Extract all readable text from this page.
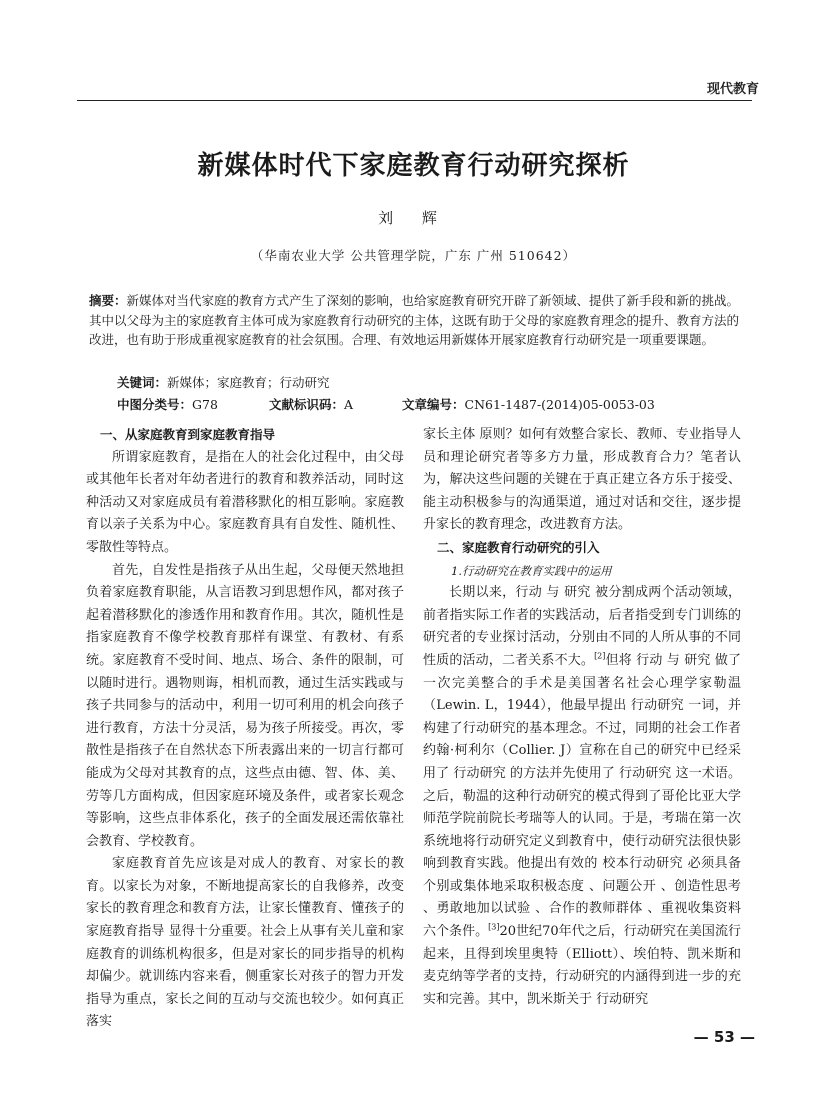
现代教育
新媒体时代下家庭教育行动研究探析
刘 辉
（华南农业大学 公共管理学院，广东 广州 510642）
摘要：新媒体对当代家庭的教育方式产生了深刻的影响，也给家庭教育研究开辟了新领域、提供了新手段和新的挑战。其中以父母为主的家庭教育主体可成为家庭教育行动研究的主体，这既有助于父母的家庭教育理念的提升、教育方法的改进，也有助于形成重视家庭教育的社会氛围。合理、有效地运用新媒体开展家庭教育行动研究是一项重要课题。
关键词：新媒体；家庭教育；行动研究
中图分类号：G78	文献标识码：A	文章编号：CN61-1487-(2014)05-0053-03
一、从家庭教育到家庭教育指导

所谓家庭教育，是指在人的社会化过程中，由父母或其他年长者对年幼者进行的教育和教养活动，同时这种活动又对家庭成员有着潜移默化的相互影响。家庭教育以亲子关系为中心。家庭教育具有自发性、随机性、零散性等特点。

首先，自发性是指孩子从出生起，父母便天然地担负着家庭教育职能，从言语教习到思想作风，都对孩子起着潜移默化的渗透作用和教育作用。其次，随机性是指家庭教育不像学校教育那样有课堂、有教材、有系统。家庭教育不受时间、地点、场合、条件的限制，可以随时进行。遇物则诲，相机而教，通过生活实践或与孩子共同参与的活动中，利用一切可利用的机会向孩子进行教育，方法十分灵活，易为孩子所接受。再次，零散性是指孩子在自然状态下所表露出来的一切言行都可能成为父母对其教育的点，这些点由德、智、体、美、劳等几方面构成，但因家庭环境及条件，或者家长观念等影响，这些点非体系化，孩子的全面发展还需依靠社会教育、学校教育。

家庭教育首先应该是对成人的教育、对家长的教育。以家长为对象，不断地提高家长的自我修养，改变家长的教育理念和教育方法，让家长懂教育、懂孩子的 家庭教育指导 显得十分重要。社会上从事有关儿童和家庭教育的训练机构很多，但是对家长的同步指导的机构却偏少。就训练内容来看，侧重家长对孩子的智力开发指导为重点，家长之间的互动与交流也较少。如何真正落实

家长主体 原则？如何有效整合家长、教师、专业指导人员和理论研究者等多方力量，形成教育合力？笔者认为，解决这些问题的关键在于真正建立各方乐于接受、能主动积极参与的沟通渠道，通过对话和交往，逐步提升家长的教育理念，改进教育方法。

二、家庭教育行动研究的引入
1.行动研究在教育实践中的运用

长期以来，行动 与 研究 被分割成两个活动领域，前者指实际工作者的实践活动，后者指受到专门训练的研究者的专业探讨活动，分别由不同的人所从事的不同性质的活动，二者关系不大。[2]但将 行动 与 研究 做了一次完美整合的手术是美国著名社会心理学家勒温（Lewin. L，1944），他最早提出 行动研究 一词，并构建了行动研究的基本理念。不过，同期的社会工作者约翰·柯利尔（Collier. J）宣称在自己的研究中已经采用了 行动研究 的方法并先使用了 行动研究 这一术语。之后，勒温的这种行动研究的模式得到了哥伦比亚大学师范学院前院长考瑞等人的认同。于是，考瑞在第一次系统地将行动研究定义到教育中，使行动研究法很快影响到教育实践。他提出有效的 校本行动研究 必须具备 个别或集体地采取积极态度 、问题公开 、创造性思考 、勇敢地加以试验 、合作的教师群体 、重视收集资料 六个条件。[3]20世纪70年代之后，行动研究在美国流行起来，且得到埃里奥特（Elliott）、埃伯特、凯米斯和麦克纳等学者的支持，行动研究的内涵得到进一步的充实和完善。其中，凯米斯关于 行动研究

— 53 —
